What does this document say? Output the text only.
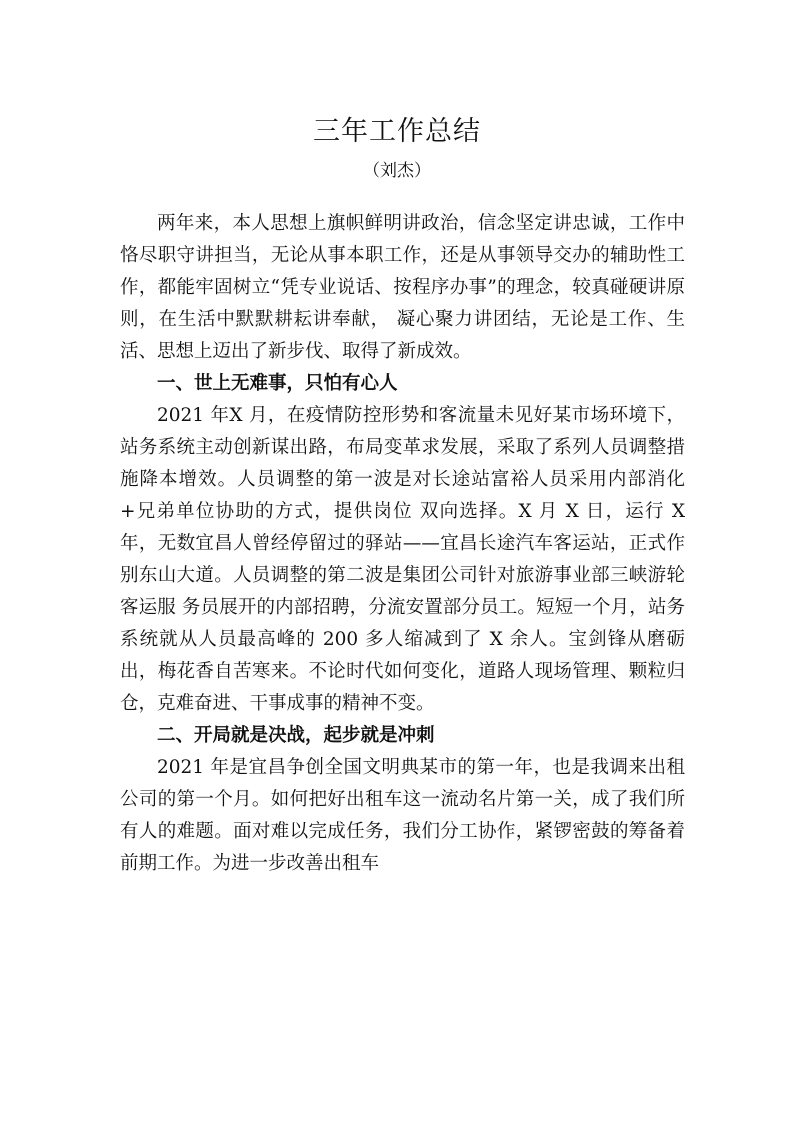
三年工作总结
（刘杰）

两年来，本人思想上旗帜鲜明讲政治，信念坚定讲忠诚，工作中恪尽职守讲担当，无论从事本职工作，还是从事领导交办的辅助性工作，都能牢固树立“凭专业说话、按程序办事”的理念，较真碰硬讲原则，在生活中默默耕耘讲奉献， 凝心聚力讲团结，无论是工作、生活、思想上迈出了新步伐、取得了新成效。

一、世上无难事，只怕有心人

2021 年X 月，在疫情防控形势和客流量未见好某市场环境下，站务系统主动创新谋出路，布局变革求发展，采取了系列人员调整措施降本增效。人员调整的第一波是对长途站富裕人员采用内部消化+兄弟单位协助的方式，提供岗位 双向选择。X 月 X 日，运行 X 年，无数宜昌人曾经停留过的驿站——宜昌长途汽车客运站，正式作别东山大道。人员调整的第二波是集团公司针对旅游事业部三峡游轮客运服 务员展开的内部招聘，分流安置部分员工。短短一个月，站务系统就从人员最高峰的 200 多人缩减到了 X 余人。宝剑锋从磨砺出，梅花香自苦寒来。不论时代如何变化，道路人现场管理、颗粒归仓，克难奋进、干事成事的精神不变。

二、开局就是决战，起步就是冲刺

2021 年是宜昌争创全国文明典某市的第一年，也是我调来出租公司的第一个月。如何把好出租车这一流动名片第一关，成了我们所有人的难题。面对难以完成任务，我们分工协作，紧锣密鼓的筹备着前期工作。为进一步改善出租车
